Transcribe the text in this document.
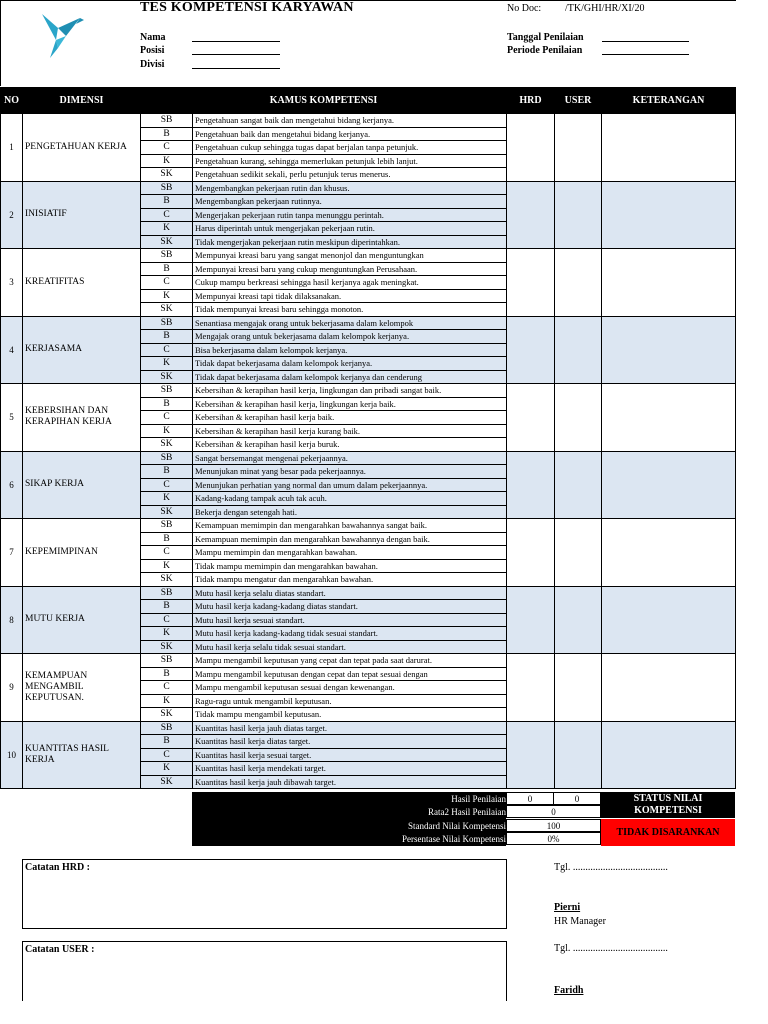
TES KOMPETENSI KARYAWAN	No Doc: /TK/GHI/HR/XI/20
Nama
Posisi
Divisi
Tanggal Penilaian
Periode Penilaian
NO	DIMENSI	KAMUS KOMPETENSI		HRD	USER	KETERANGAN
1	PENGETAHUAN KERJA	SB	Pengetahuan sangat baik dan mengetahui bidang kerjanya.			
		B	Pengetahuan baik dan mengetahui bidang kerjanya.			
		C	Pengetahuan cukup sehingga tugas dapat berjalan tanpa petunjuk.			
		K	Pengetahuan kurang, sehingga memerlukan petunjuk lebih lanjut.			
		SK	Pengetahuan sedikit sekali, perlu petunjuk terus menerus.			
2	INISIATIF	SB	Mengembangkan pekerjaan rutin dan khusus.			
		B	Mengembangkan pekerjaan rutinnya.			
		C	Mengerjakan pekerjaan rutin tanpa menunggu perintah.			
		K	Harus diperintah untuk mengerjakan pekerjaan rutin.			
		SK	Tidak mengerjakan pekerjaan rutin meskipun diperintahkan.			
3	KREATIFITAS	SB	Mempunyai kreasi baru yang sangat menonjol dan menguntungkan			
		B	Mempunyai kreasi baru yang cukup menguntungkan Perusahaan.			
		C	Cukup mampu berkreasi sehingga hasil kerjanya agak meningkat.			
		K	Mempunyai kreasi tapi tidak dilaksanakan.			
		SK	Tidak mempunyai kreasi baru sehingga monoton.			
4	KERJASAMA	SB	Senantiasa mengajak orang untuk bekerjasama dalam kelompok			
		B	Mengajak orang untuk bekerjasama dalam kelompok kerjanya.			
		C	Bisa bekerjasama dalam kelompok kerjanya.			
		K	Tidak dapat bekerjasama dalam kelompok kerjanya.			
		SK	Tidak dapat bekerjasama dalam kelompok kerjanya dan cenderung			
5	KEBERSIHAN DAN KERAPIHAN KERJA	SB	Kebersihan & kerapihan hasil kerja, lingkungan dan pribadi sangat baik.			
		B	Kebersihan & kerapihan hasil kerja, lingkungan kerja baik.			
		C	Kebersihan & kerapihan hasil kerja baik.			
		K	Kebersihan & kerapihan hasil kerja kurang baik.			
		SK	Kebersihan & kerapihan hasil kerja buruk.			
6	SIKAP KERJA	SB	Sangat bersemangat mengenai pekerjaannya.			
		B	Menunjukan minat yang besar pada pekerjaannya.			
		C	Menunjukan perhatian yang normal dan umum dalam pekerjaannya.			
		K	Kadang-kadang tampak acuh tak acuh.			
		SK	Bekerja dengan setengah hati.			
7	KEPEMIMPINAN	SB	Kemampuan memimpin dan mengarahkan bawahannya sangat baik.			
		B	Kemampuan memimpin dan mengarahkan bawahannya dengan baik.			
		C	Mampu memimpin dan mengarahkan bawahan.			
		K	Tidak mampu memimpin dan mengarahkan bawahan.			
		SK	Tidak mampu mengatur dan mengarahkan bawahan.			
8	MUTU KERJA	SB	Mutu hasil kerja selalu diatas standart.			
		B	Mutu hasil kerja kadang-kadang diatas standart.			
		C	Mutu hasil kerja sesuai standart.			
		K	Mutu hasil kerja kadang-kadang tidak sesuai standart.			
		SK	Mutu hasil kerja selalu tidak sesuai standart.			
9	KEMAMPUAN MENGAMBIL KEPUTUSAN.	SB	Mampu mengambil keputusan yang cepat dan tepat pada saat darurat.			
		B	Mampu mengambil keputusan dengan cepat dan tepat sesuai dengan			
		C	Mampu mengambil keputusan sesuai dengan kewenangan.			
		K	Ragu-ragu untuk mengambil keputusan.			
		SK	Tidak mampu mengambil keputusan.			
10	KUANTITAS HASIL KERJA	SB	Kuantitas hasil kerja jauh diatas target.			
		B	Kuantitas hasil kerja diatas target.			
		C	Kuantitas hasil kerja sesuai target.			
		K	Kuantitas hasil kerja mendekati target.			
		SK	Kuantitas hasil kerja jauh dibawah target.			
Hasil Penilaian	0	0
Rata2 Hasil Penilaian	0
Standard Nilai Kompetensi	100
Persentase Nilai Kompetensi	0%
STATUS NILAI KOMPETENSI
TIDAK DISARANKAN
Catatan HRD :
Catatan USER :
Tgl. ......................................
Pierni
HR Manager
Tgl. ......................................
Faridh
